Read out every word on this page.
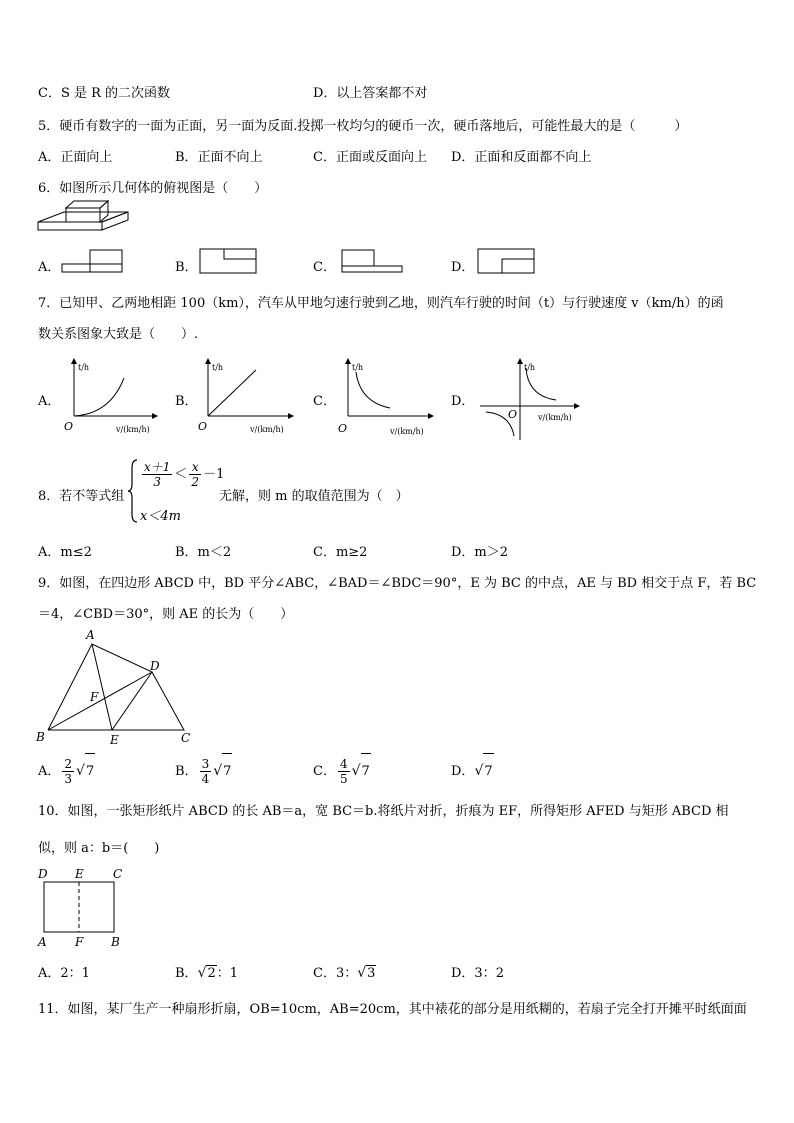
C．S 是 R 的二次函数	D．以上答案都不对
5．硬币有数字的一面为正面，另一面为反面.投掷一枚均匀的硬币一次，硬币落地后，可能性最大的是（　　　）
A．正面向上	B．正面不向上	C．正面或反面向上 D．正面和反面都不向上
6．如图所示几何体的俯视图是（　　）
A．	B．	C．	D．
7．已知甲、乙两地相距 100（km），汽车从甲地匀速行驶到乙地，则汽车行驶的时间（t）与行驶速度 v（km/h）的函
数关系图象大致是（　　）.
A．
t/h
O	v/(km/h)
B．
t/h
O	v/(km/h)
C．
t/h
O	v/(km/h)
D．
t/h
O	v/(km/h)
8．若不等式组
$\frac{x+1}{3} < \frac{x}{2} -1$
x＜4m
无解，则 m 的取值范围为（　）
A．m≤2	B．m＜2	C．m≥2	D．m＞2
9．如图，在四边形 ABCD 中，BD 平分∠ABC，∠BAD＝∠BDC＝90°，E 为 BC 的中点，AE 与 BD 相交于点 F，若 BC
＝4，∠CBD＝30°，则 AE 的长为（　　）
A
D
F
B	E	C
A． $\frac{2}{3} √7$	B． $\frac{3}{4} √7$	C． $\frac{4}{5} √7$	D．√7
10．如图，一张矩形纸片 ABCD 的长 AB＝a，宽 BC＝b.将纸片对折，折痕为 EF，所得矩形 AFED 与矩形 ABCD 相
似，则 a：b＝(　　)
D E C
A F B
A．2：1	B．√2：1	C．3：√3	D．3：2
11．如图，某厂生产一种扇形折扇，OB=10cm，AB=20cm，其中裱花的部分是用纸糊的，若扇子完全打开摊平时纸面面
